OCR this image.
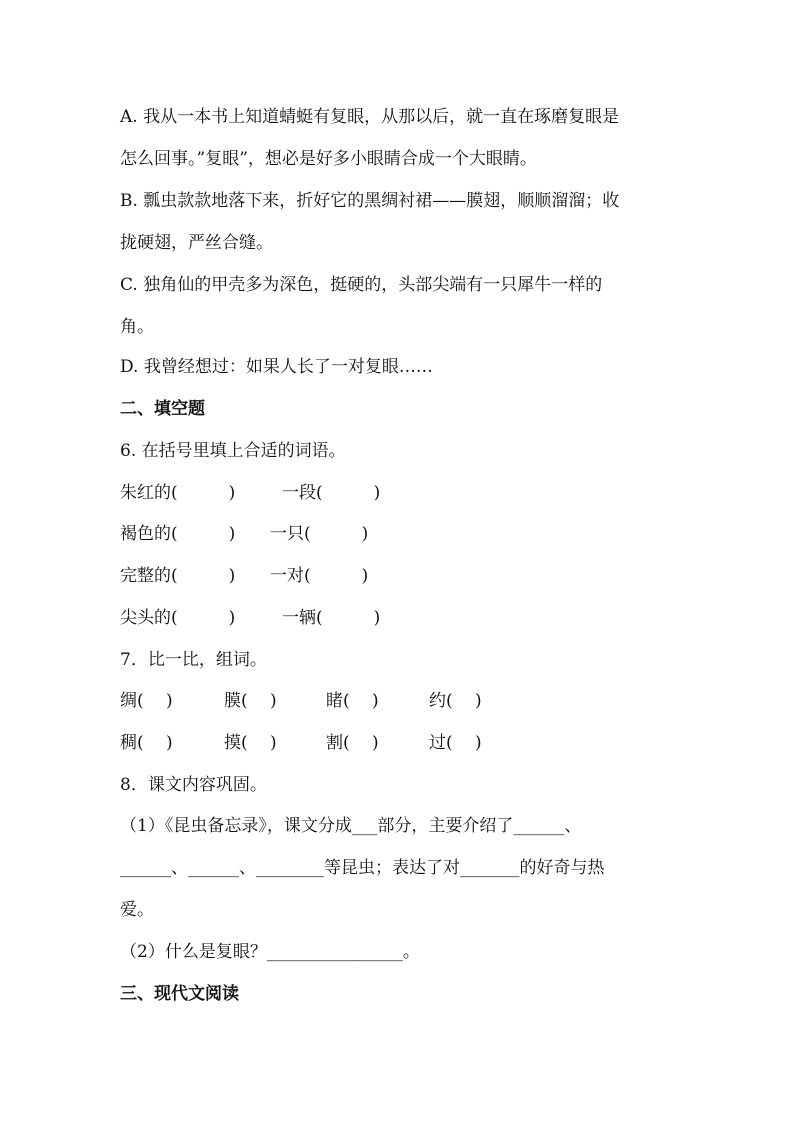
A. 我从一本书上知道蜻蜓有复眼，从那以后，就一直在琢磨复眼是
怎么回事。”复眼”，想必是好多小眼睛合成一个大眼睛。
B. 瓢虫款款地落下来，折好它的黑绸衬裙——膜翅，顺顺溜溜；收
拢硬翅，严丝合缝。
C. 独角仙的甲壳多为深色，挺硬的，头部尖端有一只犀牛一样的
角。
D. 我曾经想过：如果人长了一对复眼……
二、填空题
6. 在括号里填上合适的词语。
朱红的(　　　)	一段(　　　)
褐色的(　　　) 一只(　　　)
完整的(　　　) 一对(　　　)
尖头的(　　　)	一辆(　　　)
7．比一比，组词。
绸(　 )	膜(　 )	睹(　 )	约(　 )
稠(　 )	摸(　 )	割(　 )	过(　 )
8．课文内容巩固。
（1）《昆虫备忘录》，课文分成___部分，主要介绍了______、
______、______、________等昆虫；表达了对_______的好奇与热
爱。
（2）什么是复眼？________________。
三、现代文阅读
